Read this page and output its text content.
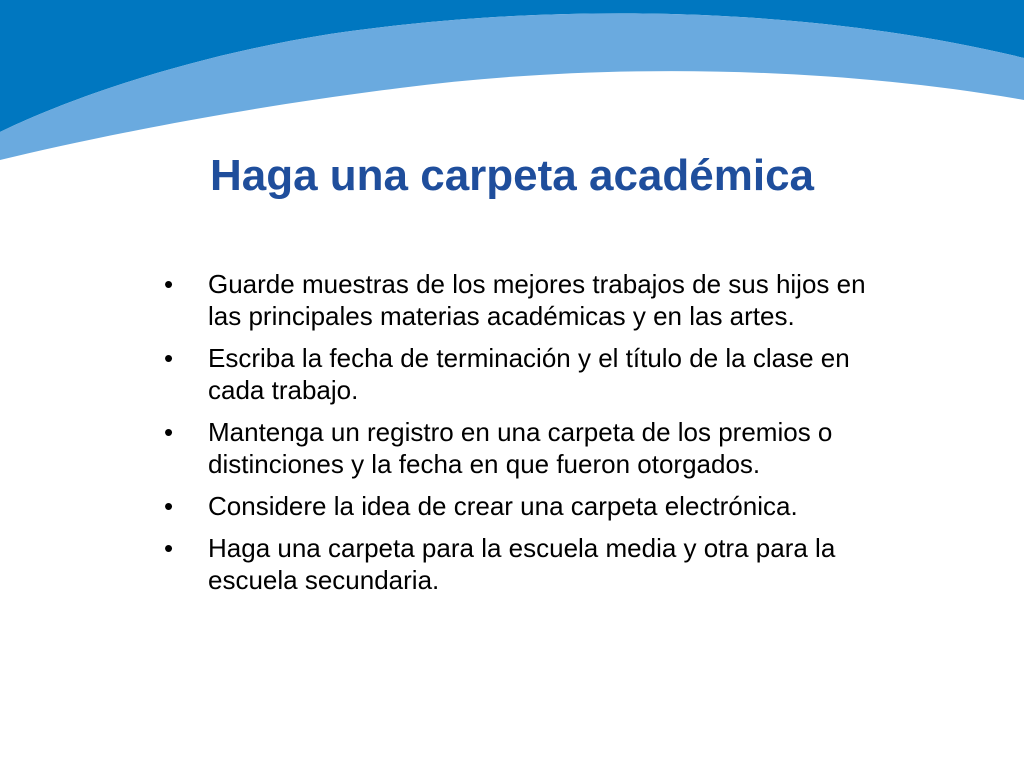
Haga una carpeta académica
• Guarde muestras de los mejores trabajos de sus hijos en las principales materias académicas y en las artes.
• Escriba la fecha de terminación y el título de la clase en cada trabajo.
• Mantenga un registro en una carpeta de los premios o distinciones y la fecha en que fueron otorgados.
• Considere la idea de crear una carpeta electrónica.
• Haga una carpeta para la escuela media y otra para la escuela secundaria.
